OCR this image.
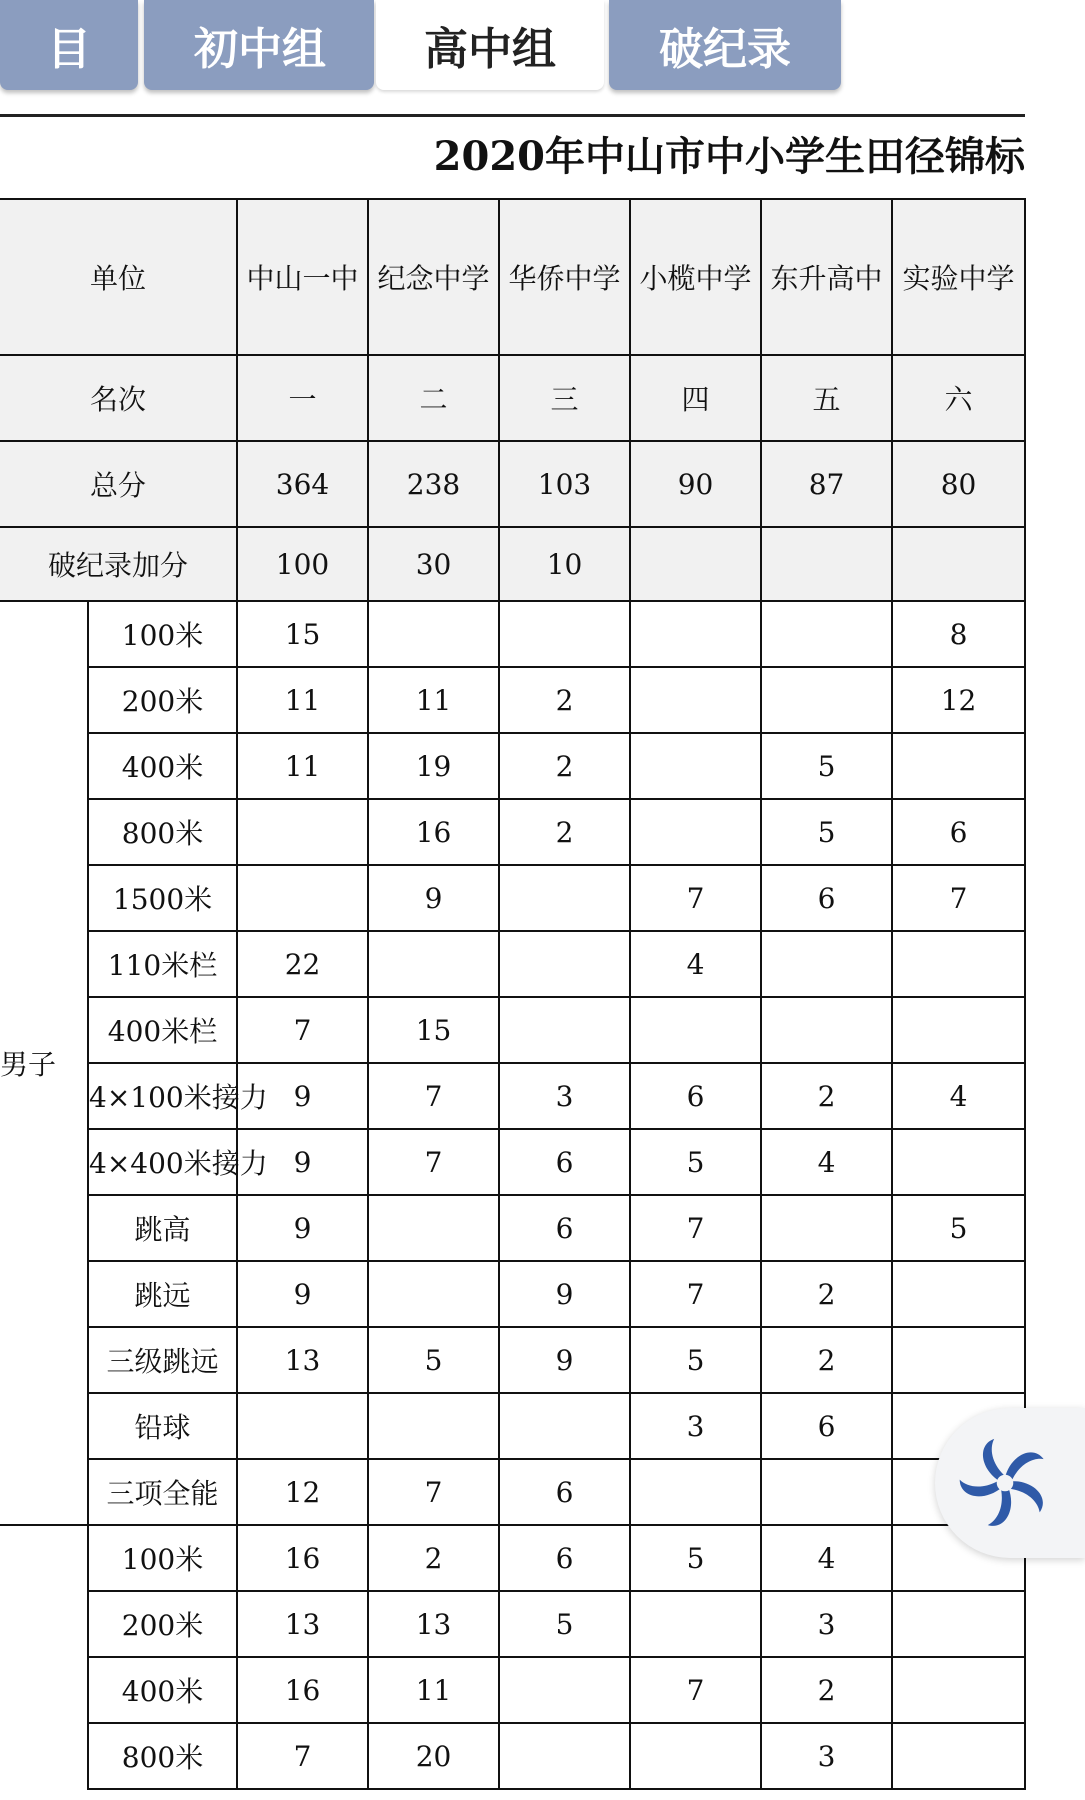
目 初中组 高中组 破纪录
2020年中山市中小学生田径锦标
单位		中山一中	纪念中学	华侨中学	小榄中学	东升高中	实验中学
名次		一	二	三	四	五	六
总分		364	238	103	90	87	80
破纪录加分		100	30	10			
男子	100米	15					8
	200米	11	11	2			12
	400米	11	19	2		5	
	800米		16	2		5	6
	1500米		9		7	6	7
	110米栏	22			4		
	400米栏	7	15				
	4×100米接力	9	7	3	6	2	4
	4×400米接力	9	7	6	5	4	
	跳高	9		6	7		5
	跳远	9		9	7	2	
	三级跳远	13	5	9	5	2	
	铅球				3	6	
	三项全能	12	7	6			
	100米	16	2	6	5	4	
	200米	13	13	5		3	
	400米	16	11		7	2	
	800米	7	20			3	
